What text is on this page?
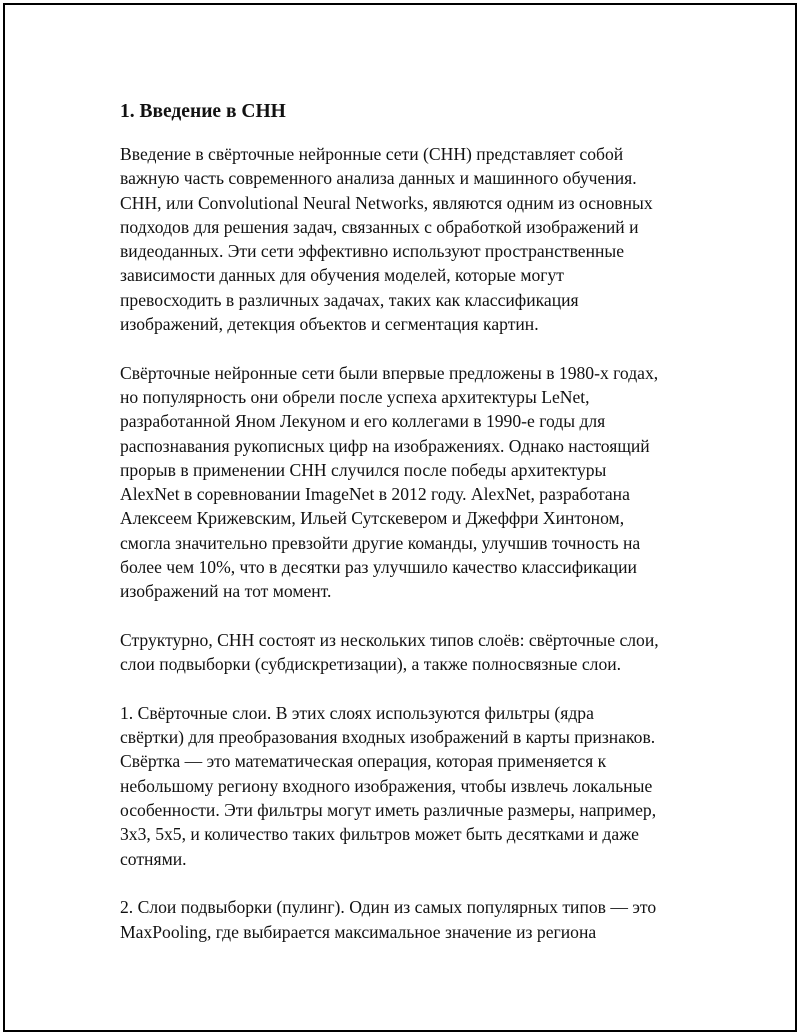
1. Введение в СНН

Введение в свёрточные нейронные сети (СНН) представляет собой
важную часть современного анализа данных и машинного обучения.
СНН, или Convolutional Neural Networks, являются одним из основных
подходов для решения задач, связанных с обработкой изображений и
видеоданных. Эти сети эффективно используют пространственные
зависимости данных для обучения моделей, которые могут
превосходить в различных задачах, таких как классификация
изображений, детекция объектов и сегментация картин.

Свёрточные нейронные сети были впервые предложены в 1980-х годах,
но популярность они обрели после успеха архитектуры LeNet,
разработанной Яном Лекуном и его коллегами в 1990-е годы для
распознавания рукописных цифр на изображениях. Однако настоящий
прорыв в применении СНН случился после победы архитектуры
AlexNet в соревновании ImageNet в 2012 году. AlexNet, разработана
Алексеем Крижевским, Ильей Сутскевером и Джеффри Хинтоном,
смогла значительно превзойти другие команды, улучшив точность на
более чем 10%, что в десятки раз улучшило качество классификации
изображений на тот момент.

Структурно, СНН состоят из нескольких типов слоёв: свёрточные слои,
слои подвыборки (субдискретизации), а также полносвязные слои.

1. Свёрточные слои. В этих слоях используются фильтры (ядра
свёртки) для преобразования входных изображений в карты признаков.
Свёртка — это математическая операция, которая применяется к
небольшому региону входного изображения, чтобы извлечь локальные
особенности. Эти фильтры могут иметь различные размеры, например,
3x3, 5x5, и количество таких фильтров может быть десятками и даже
сотнями.

2. Слои подвыборки (пулинг). Один из самых популярных типов — это
MaxPooling, где выбирается максимальное значение из региона
